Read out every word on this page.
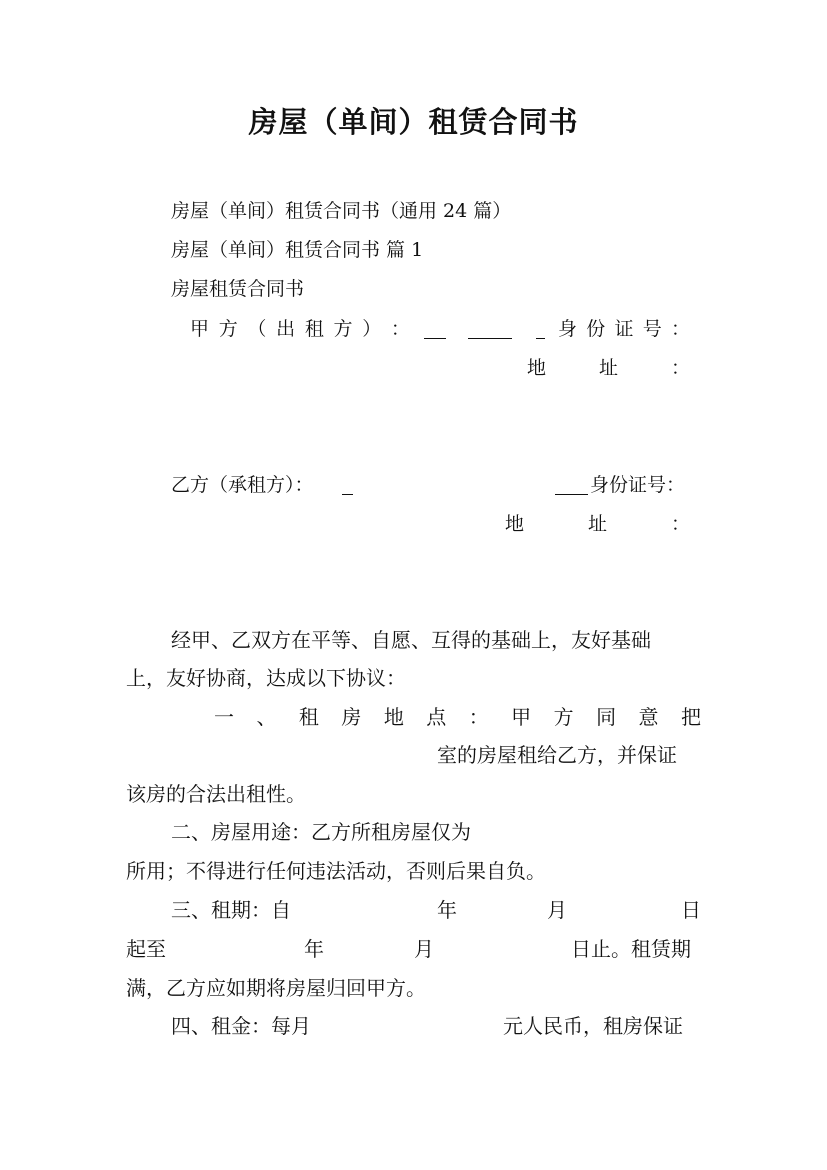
房屋（单间）租赁合同书
房屋（单间）租赁合同书（通用 24 篇）
房屋（单间）租赁合同书 篇 1
房屋租赁合同书
甲 方 （ 出 租 方 ） ：	身 份 证 号 ：
地	址	：
乙方（承租方）：	身份证号：
地	址	：
经甲、乙双方在平等、自愿、互得的基础上，友好基础
上，友好协商，达成以下协议：
一 、 租 房 地 点 ： 甲 方 同 意 把
室的房屋租给乙方，并保证
该房的合法出租性。
二、房屋用途：乙方所租房屋仅为
所用；不得进行任何违法活动，否则后果自负。
三、租期：自	年	月	日
起至	年	月	日止。租赁期
满，乙方应如期将房屋归回甲方。
四、租金：每月	元人民币，租房保证
